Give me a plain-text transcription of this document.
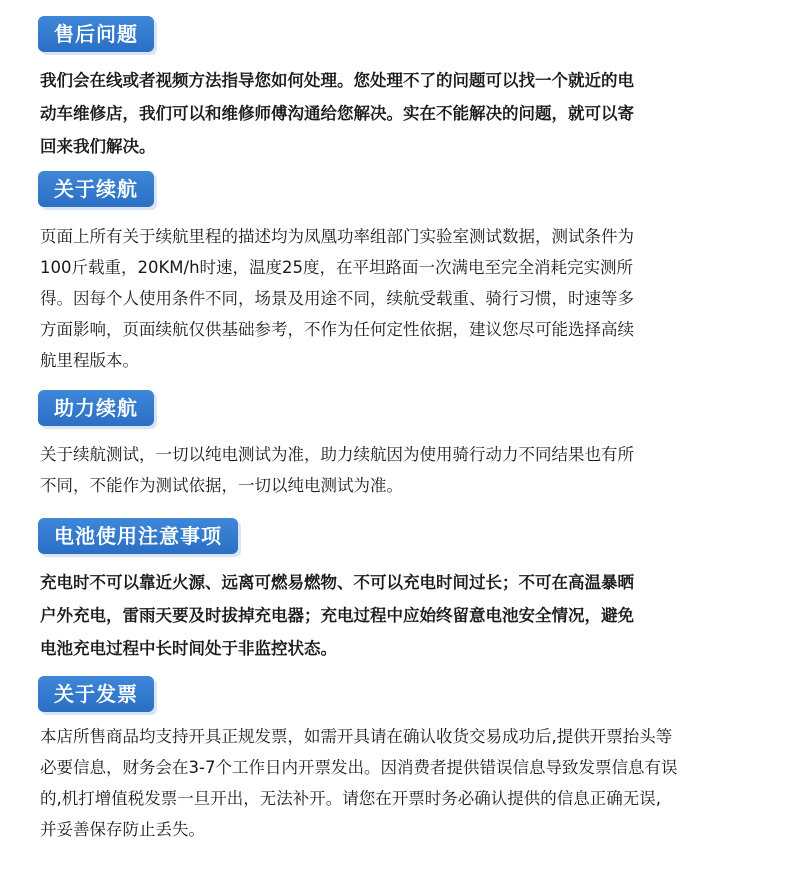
售后问题

我们会在线或者视频方法指导您如何处理。您处理不了的问题可以找一个就近的电
动车维修店，我们可以和维修师傅沟通给您解决。实在不能解决的问题，就可以寄
回来我们解决。

关于续航

页面上所有关于续航里程的描述均为凤凰功率组部门实验室测试数据，测试条件为
100斤载重，20KM/h时速，温度25度，在平坦路面一次满电至完全消耗完实测所
得。因每个人使用条件不同，场景及用途不同，续航受载重、骑行习惯，时速等多
方面影响，页面续航仅供基础参考，不作为任何定性依据，建议您尽可能选择高续
航里程版本。

助力续航

关于续航测试，一切以纯电测试为准，助力续航因为使用骑行动力不同结果也有所
不同，不能作为测试依据，一切以纯电测试为准。

电池使用注意事项

充电时不可以靠近火源、远离可燃易燃物、不可以充电时间过长；不可在高温暴晒
户外充电，雷雨天要及时拔掉充电器；充电过程中应始终留意电池安全情况，避免
电池充电过程中长时间处于非监控状态。

关于发票

本店所售商品均支持开具正规发票，如需开具请在确认收货交易成功后,提供开票抬头等
必要信息，财务会在3-7个工作日内开票发出。因消费者提供错误信息导致发票信息有误
的,机打增值税发票一旦开出，无法补开。请您在开票时务必确认提供的信息正确无误,
并妥善保存防止丢失。
